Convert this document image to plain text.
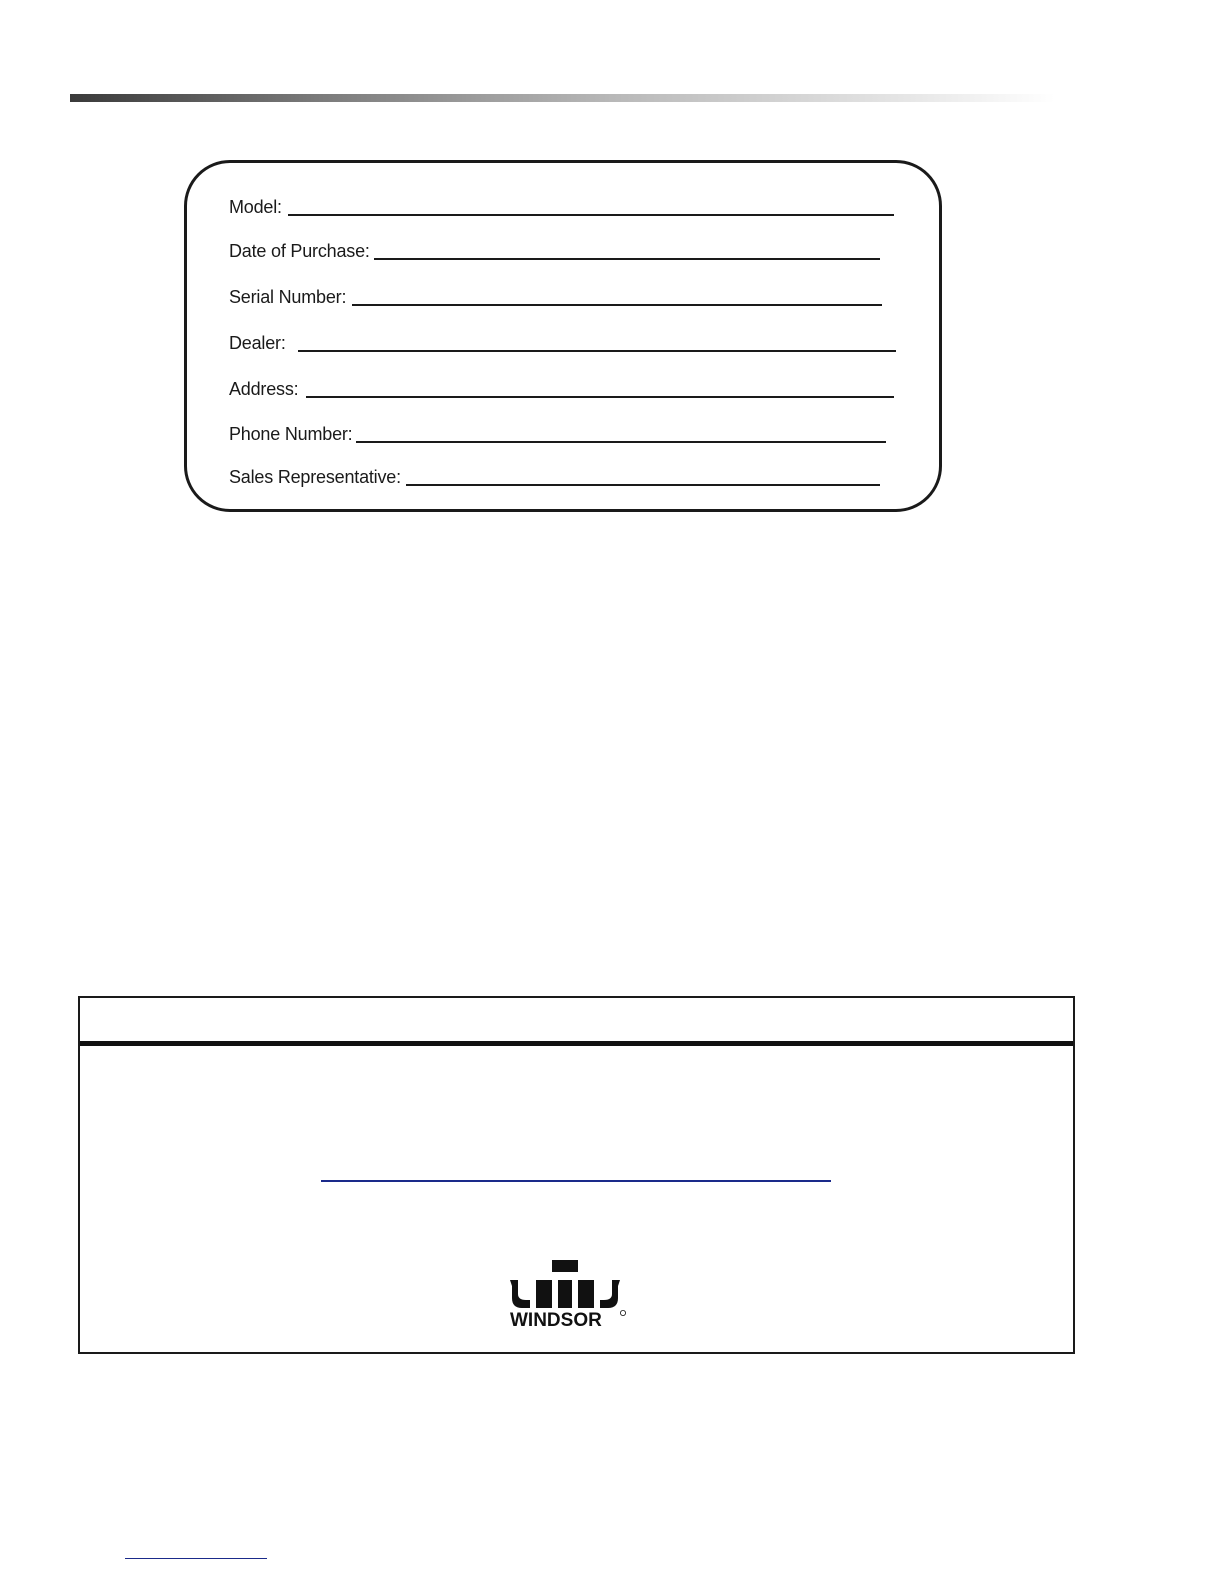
Model:
Date of Purchase:
Serial Number:
Dealer:
Address:
Phone Number:
Sales Representative:
WINDSOR
